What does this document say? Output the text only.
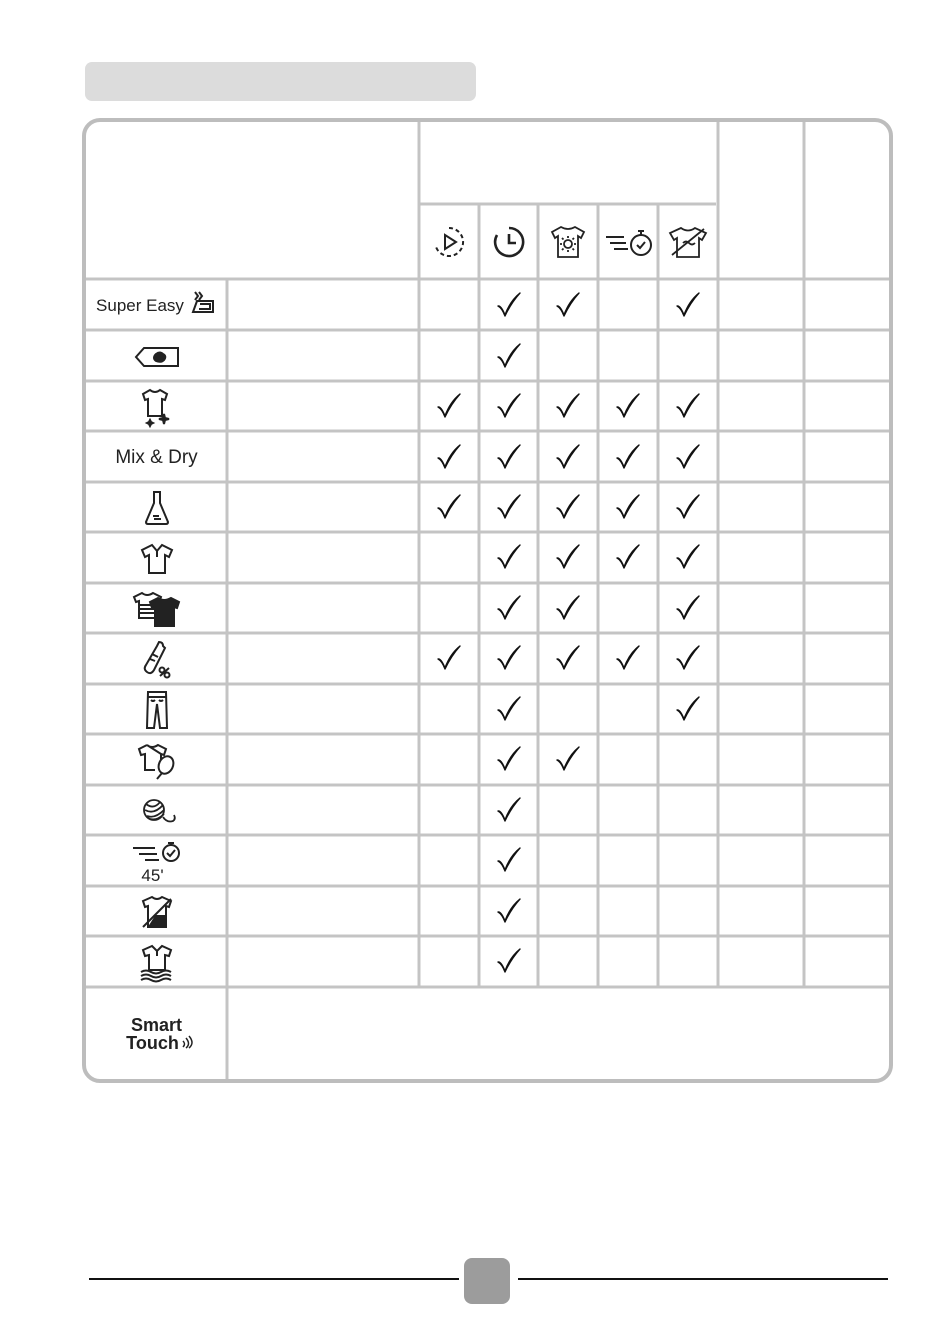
Super Easy
Mix & Dry
45'
Smart
Touch
